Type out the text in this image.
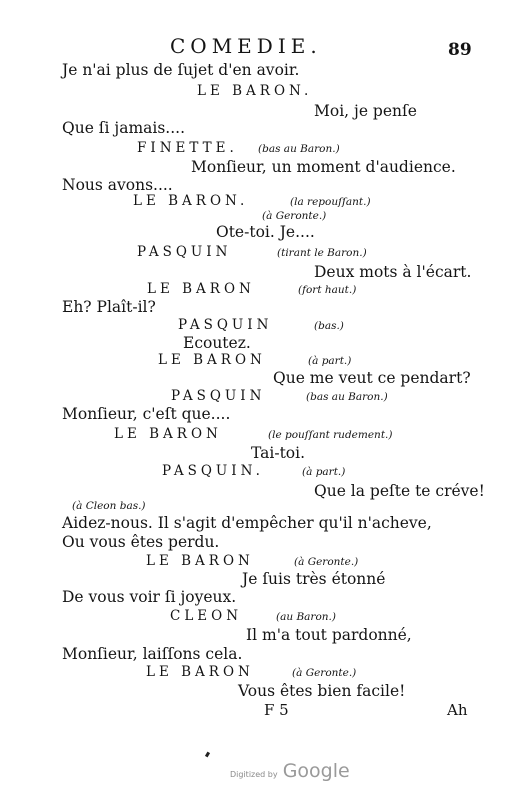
COMEDIE.	89
Je n'ai plus de ſujet d'en avoir.
LE BARON.
Moi, je penſe
Que ſi jamais....
FINETTE. (bas au Baron.)
Monſieur, un moment d'audience.
Nous avons....
LE BARON.	(la repouſſant.)
(à Geronte.)
Ote-toi. Je....
PASQUIN	(tirant le Baron.)
Deux mots à l'écart.
LE BARON	(fort haut.)
Eh? Plaît-il?
PASQUIN	(bas.)
Ecoutez.
LE BARON	(à part.)
Que me veut ce pendart?
PASQUIN	(bas au Baron.)
Monſieur, c'eſt que....
LE BARON	(le pouſſant rudement.)
Tai-toi.
PASQUIN.	(à part.)
Que la peſte te créve!
(à Cleon bas.)
Aidez-nous. Il s'agit d'empêcher qu'il n'acheve,
Ou vous êtes perdu.
LE BARON	(à Geronte.)
Je ſuis très étonné
De vous voir ſi joyeux.
CLEON	(au Baron.)
Il m'a tout pardonné,
Monſieur, laiſſons cela.
LE BARON	(à Geronte.)
Vous êtes bien facile!
F 5	Ah
Digitized by Google
